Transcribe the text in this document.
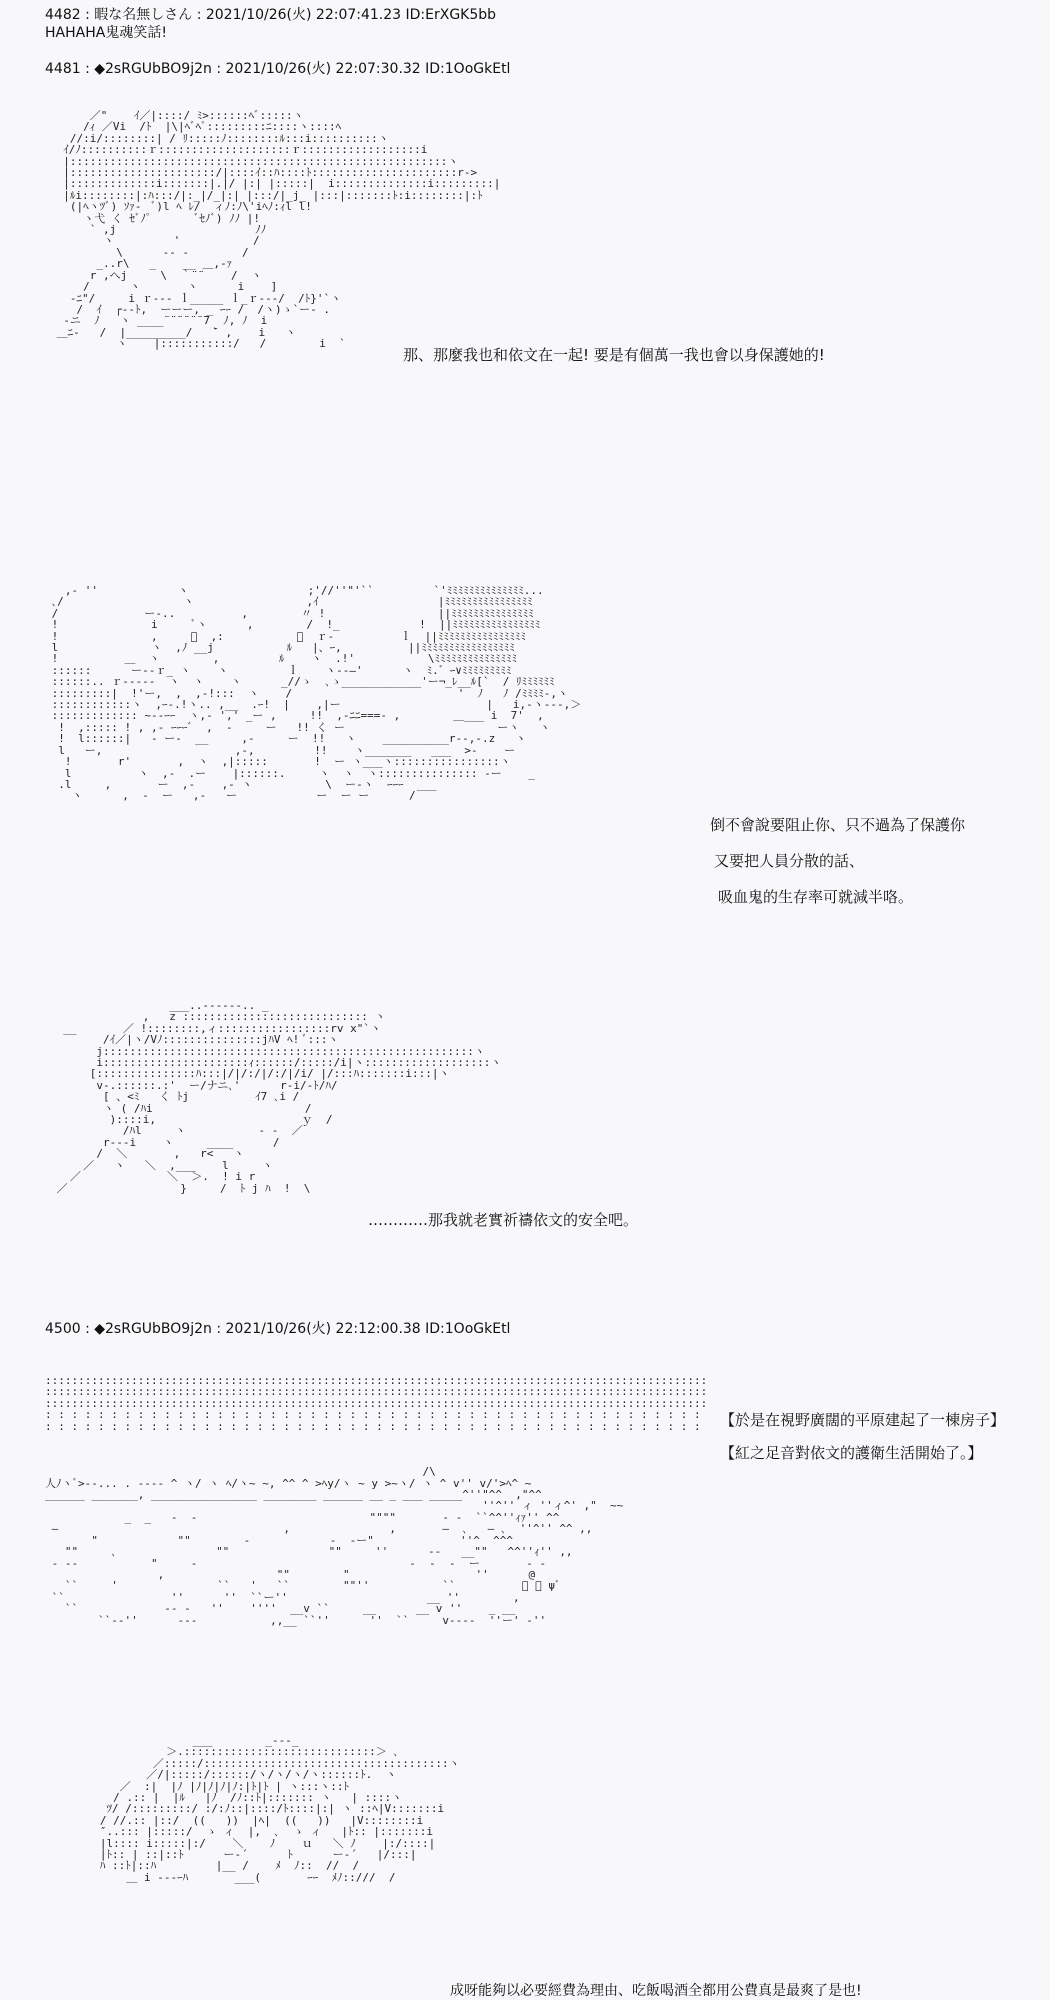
4482 : 暇な名無しさん : 2021/10/26(火) 22:07:41.23 ID:ErXGK5bb
HAHAHA鬼魂笑話!
4481 : ◆2sRGUbBO9j2n : 2021/10/26(火) 22:07:30.32 ID:1OoGkEtl
／"    ｲ／|::::/ ﾐ>::::::ﾍﾞ:::::ヽ
/ｨ ／Vi  /ﾄ  |\|ﾍﾞﾍﾟ:::::::::ﾆ::::ヽ::::ﾍ
//:i/::::::::| / ﾘ:::::ﾉ::::::::ﾙ:::i::::::::::ヽ
ｲ/ﾉ::::::::::ｒ::::::::::::::::::::ｒ::::::::::::::::::i
|:::::::::::::::::::::::::::::::::::::::::::::::::::::::::ヽ
|::::::::::::::::::::::/|::::ｲ::ﾊ::::ﾄ::::::::::::::::::::::r->
|:::::::::::::i:::::::|.|/ |:| |:::::|  i::::::::::::::i:::::::::|
|ﾙi::::::::|:ﾊ:::/|:_|/_|:| |:::/|_j_ |:::|:::::::ﾄ:i::::::::|:ﾄ
(|ﾍヽﾂﾞ) ｿｧ-  ﾞ)l ﾍ ﾚ/  ィﾉ:ﾉ\'iﾍﾉ:ｨl l!
ヽ弋 く ｾﾞﾉﾟ       ﾞｾﾉﾞ) ﾉﾉ |!
` ,j                     ﾉﾉ
ヽ         '           /
\      -- -        /
_..r\   _    __ ＿,-ｧ
r ,へj     \  ｀¨¨    /  ヽ
/      ヽ       ヽ      i    ]
-ﾆ"/     i ｒ--- ｌ_____ ｌ_ｒ---/  /ﾄ}'`ヽ
/  ｲ  ┌--ﾄ,  ーーー, _ ｰｰ /  /ヽ)ゝ`ー- .
-ニ  ﾉ   ヽ ____¨¨¨¨¨¨7  ﾉ, ﾉ  i
＿ﾆ-   /  |_________/   ̄` ,    i   ヽ
ヽ    |:::::::::::/   /        i  `
那、那麼我也和依文在一起! 要是有個萬一我也會以身保護她的!
,- ''            ヽ                  ;'//''"'``         `'ﾐﾐﾐﾐﾐﾐﾐﾐﾐﾐﾐﾐﾐﾐ...
､/                  ヽ                 ,ｲ                  |ﾐﾐﾐﾐﾐﾐﾐﾐﾐﾐﾐﾐﾐﾐﾐﾐ
/             ー-..          ,        〃 !                 ||ﾐﾐﾐﾐﾐﾐﾐﾐﾐﾐﾐﾐﾐﾐﾐ
!              i     ﾞヽ      ,        /  !_            !  ||ﾐﾐﾐﾐﾐﾐﾐﾐﾐﾐﾐﾐﾐﾐﾐﾐ
!              ,     ﾞ  ,:           〃  ｒ-          ｌ  ||ﾐﾐﾐﾐﾐﾐﾐﾐﾐﾐﾐﾐﾐﾐﾐﾐ
l              ヽ  ,ﾉ __j           ﾙ   |、ｰ,          ||ﾐﾐﾐﾐﾐﾐﾐﾐﾐﾐﾐﾐﾐﾐﾐﾐﾐ
!          ＿  ヽ        ,         ﾙ    ヽ  .!'           \ﾐﾐﾐﾐﾐﾐﾐﾐﾐﾐﾐﾐﾐﾐﾐ
::::::      ー--ｒ_ ヽ    ヽ         ｌ    ヽ--―'      ヽ  ﾐ.゛ｰ∨ﾐﾐﾐﾐﾐﾐﾐﾐﾐ
::::::.. ｒ-----  ヽ  ヽ    ヽ      _//ゝ  ､ゝ____________'ー¬_ﾚ__ﾙ[`  / ﾘﾐﾐﾐﾐﾐﾐ
:::::::::|  !'ー,  ,  ,-!:::  ヽ    /                         '  ﾉ   ﾉ /ﾐﾐﾐﾐ-,ヽ
::::::::::::ヽ  ,ｰ-.!ヽ.. ,__  .ｰ!  |    ,|ー                      |   i,-ヽ---,＞
::::::::::::: ~--ｰｰ  ヽ,- ',' _ー ,     !!  ,-ﾆﾆ===- ,        ＿___ i  7'  ,
!  ,::::: ! , ,- ｰｰｰﾞ  ,  -     ー   !! く ー                       ーヽ   ヽ
!  l::::::|   - ー-  __     ,-     ー  !!   ヽ    __________r--,-.z   ヽ
l   ー,                    ,-,         !!    ヽ_______   ___  >-    ー
!       r'       ,  ヽ  ,|:::::       !  ー ヽ___ヽ::::::::::::::::ヽ
l          ヽ  ,-  .ー    |::::::.     ヽ  ヽ  ヽ::::::::::::::: -ー    _
.l     ,       ー  ,-    ,- ヽ           \  ー-ヽ  ｰｰｰ  ___
ヽ      ,  -  ー   ,-   ー            ー  ー ー      /
倒不會說要阻止你、只不過為了保護你
又要把人員分散的話、
吸血鬼的生存率可就減半咯。
___..------.. _
,   z :::::::::::::::::::::::::::: ヽ
__       ／ !::::::::,ィ:::::::::::::::::rv x"`ヽ
/ｲ／|ヽ/Vﾉ:::::::::::::::jﾊV ﾍ! ﾞ:::ヽ
j::::::::::::::::::::::::::::::::::::::::::::::::::::::::ヽ
i::::::::::::::::::::::ｨ::::::/:::::/i|ヽ:::::::::::::::::::ヽ
[:::::::::::::::ﾊ:::|/|/:/|/:/|/i/ |/:::ﾊ:::::::i:::|ヽ
v-.::::::.:'  ー/ナニ､'      r-i/-ﾄ/ﾊ/
[ 、<ﾐ   く ﾄj          ｲ7 ､i /
ヽ ( /ﾊi                       /
)::::i,                      ｙ  /
/ﾊl     ヽ           - -  ／
r---i    ヽ     ____      /
/  ＼       ,   r<   ヽ
／   ヽ   ＼  ,___    l     ヽ
／             ＼  ＞.  ! i r
／                 }     /  ﾄ j ﾊ  !  \
…………那我就老實祈禱依文的安全吧。
4500 : ◆2sRGUbBO9j2n : 2021/10/26(火) 22:12:00.38 ID:1OoGkEtl
::::::::::::::::::::::::::::::::::::::::::::::::::::::::::::::::::::::::::::::::::::::::::::::::::::
::::::::::::::::::::::::::::::::::::::::::::::::::::::::::::::::::::::::::::::::::::::::::::::::::::
::::::::::::::::::::::::::::::::::::::::::::::::::::::::::::::::::::::::::::::::::::::::::::::::::::
: : : : : : : : : : : : : : : : : : : : : : : : : : : : : : : : : : : : : : : : : : : : : : : : : :
: : : : : : : : : : : : : : : : : : : : : : : : : : : : : : : : : : : : : : : : : : : : : : : : : :

/\
人ﾉヽﾞ>--... . ---- ^ ヽ/ ヽ ﾍ/ヽ~ ~, ^^ ^ >ﾍy/ヽ ~ y >~ヽ/ ヽ ^ v'' v/'>ﾍ^ ~
______ _______, ________________ ________ ______ __ _ ___ _____^''"^^  ,"^^
''^'' ィ ''ィ^' ,"  ~~
_  _   -  -                          """"       - -  ``^^''ｨｧ'' ^^
―                                  ,               ,       ―  ､   ― ､  ''^'' ^^ ,,
"            ""        -            -  -ー"             ''^  ^^^
""     ､               ""               ""     ''      --   __""   ^^''ｨ'' ,,
- --           "     -                                -  -  -  ー       - -
,                 ""        "                   ''      @
``     '               ``   '   ``        ""''           ``          ﾞ ﾞ ψﾞ
``                ''      ''  ``ー''                     __ ''        ,
``             -- -   ''    ''''  __v ``     __      __ v ''    _ __
``--''      ---           ,,__ ``''      ''  ``     v----  ''ー' -''
【於是在視野廣闊的平原建起了一棟房子】
【紅之足音對依文的護衛生活開始了。】
___        _---_
＞.:::::::::::::::::::::::::::::＞ ､
／:::::/:::::::::::::::::::::::::::::::::::::ヽ
／/|:::::/::::::/ヽ/ヽ/ヽ/ヽ::::::ﾄ.  ヽ
／  :|  |ﾉ |ﾉ|ﾉ|ﾉ|ﾉ:|ﾄ|ﾄ | ヽ:::ヽ::ﾄ
/ .:: |  |ﾙ   |ﾉ  /ﾉ::ﾄ|::::::: ヽ   | ::::ヽ
ﾂ/ /:::::::::/ :/:ﾉ::|::::/ﾄ::::|:| ヽ ::ﾍ|V:::::::i
/ //.:: |::/  ((   ))  |ﾍ|  ((   ))   |V::::::::i
″..::: |:::::/  ゝ ィ  |,  ､  ゝ ィ   |ﾄ:: |:::::::i
|l:::: i:::::|:/    ＼    ﾉ    ｕ   ＼ ﾉ    |:/::::|
|ﾄ:: | ::|::ﾄ      ー-´      ﾄ      ー-´   |/:::|
ﾊ ::ﾄ|::ﾊ         |__ /    ﾒ  ﾉ::  //  /
＿ i ---ｰﾊ       ___(       ｰｰ  ﾒﾉ::///  /
成呀能夠以必要經費為理由、吃飯喝酒全都用公費真是最爽了是也!
